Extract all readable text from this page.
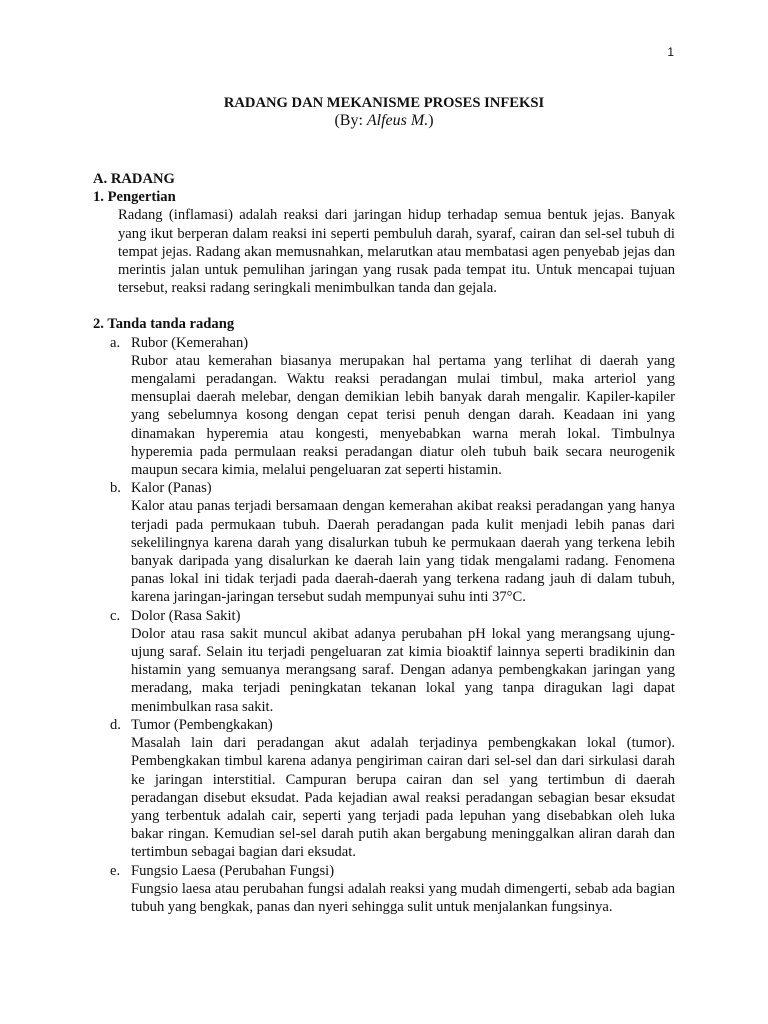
1

RADANG DAN MEKANISME PROSES INFEKSI

(By: Alfeus M.)

A. RADANG

1. Pengertian

Radang (inflamasi) adalah reaksi dari jaringan hidup terhadap semua bentuk jejas. Banyak yang ikut berperan dalam reaksi ini seperti pembuluh darah, syaraf, cairan dan sel-sel tubuh di tempat jejas. Radang akan memusnahkan, melarutkan atau membatasi agen penyebab jejas dan merintis jalan untuk pemulihan jaringan yang rusak pada tempat itu. Untuk mencapai tujuan tersebut, reaksi radang seringkali menimbulkan tanda dan gejala.

2. Tanda tanda radang

a. Rubor (Kemerahan)

Rubor atau kemerahan biasanya merupakan hal pertama yang terlihat di daerah yang mengalami peradangan. Waktu reaksi peradangan mulai timbul, maka arteriol yang mensuplai daerah melebar, dengan demikian lebih banyak darah mengalir. Kapiler-kapiler yang sebelumnya kosong dengan cepat terisi penuh dengan darah. Keadaan ini yang dinamakan hyperemia atau kongesti, menyebabkan warna merah lokal. Timbulnya hyperemia pada permulaan reaksi peradangan diatur oleh tubuh baik secara neurogenik maupun secara kimia, melalui pengeluaran zat seperti histamin.

b. Kalor (Panas)

Kalor atau panas terjadi bersamaan dengan kemerahan akibat reaksi peradangan yang hanya terjadi pada permukaan tubuh. Daerah peradangan pada kulit menjadi lebih panas dari sekelilingnya karena darah yang disalurkan tubuh ke permukaan daerah yang terkena lebih banyak daripada yang disalurkan ke daerah lain yang tidak mengalami radang. Fenomena panas lokal ini tidak terjadi pada daerah-daerah yang terkena radang jauh di dalam tubuh, karena jaringan-jaringan tersebut sudah mempunyai suhu inti 37°C.

c. Dolor (Rasa Sakit)

Dolor atau rasa sakit muncul akibat adanya perubahan pH lokal yang merangsang ujung- ujung saraf. Selain itu terjadi pengeluaran zat kimia bioaktif lainnya seperti bradikinin dan histamin yang semuanya merangsang saraf. Dengan adanya pembengkakan jaringan yang meradang, maka terjadi peningkatan tekanan lokal yang tanpa diragukan lagi dapat menimbulkan rasa sakit.

d. Tumor (Pembengkakan)

Masalah lain dari peradangan akut adalah terjadinya pembengkakan lokal (tumor). Pembengkakan timbul karena adanya pengiriman cairan dari sel-sel dan dari sirkulasi darah ke jaringan interstitial. Campuran berupa cairan dan sel yang tertimbun di daerah peradangan disebut eksudat. Pada kejadian awal reaksi peradangan sebagian besar eksudat yang terbentuk adalah cair, seperti yang terjadi pada lepuhan yang disebabkan oleh luka bakar ringan. Kemudian sel-sel darah putih akan bergabung meninggalkan aliran darah dan tertimbun sebagai bagian dari eksudat.

e. Fungsio Laesa (Perubahan Fungsi)

Fungsio laesa atau perubahan fungsi adalah reaksi yang mudah dimengerti, sebab ada bagian tubuh yang bengkak, panas dan nyeri sehingga sulit untuk menjalankan fungsinya.
